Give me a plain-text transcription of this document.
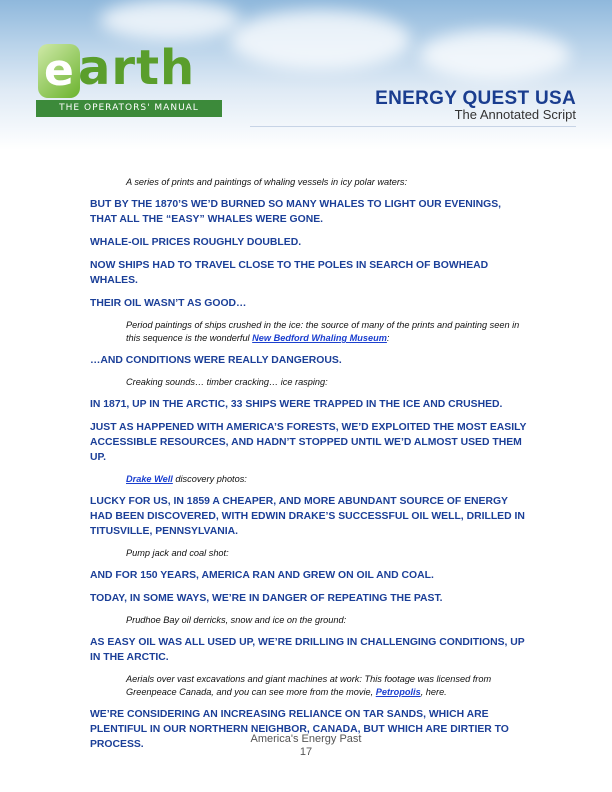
e arth
THE OPERATORS' MANUAL	ENERGY QUEST USA
The Annotated Script

A series of prints and paintings of whaling vessels in icy polar waters:

BUT BY THE 1870’S WE’D BURNED SO MANY WHALES TO LIGHT OUR EVENINGS, THAT ALL THE “EASY” WHALES WERE GONE.

WHALE-OIL PRICES ROUGHLY DOUBLED.

NOW SHIPS HAD TO TRAVEL CLOSE TO THE POLES IN SEARCH OF BOWHEAD WHALES.

THEIR OIL WASN’T AS GOOD…

Period paintings of ships crushed in the ice: the source of many of the prints and painting seen in this sequence is the wonderful New Bedford Whaling Museum:

…AND CONDITIONS WERE REALLY DANGEROUS.

Creaking sounds… timber cracking… ice rasping:

IN 1871, UP IN THE ARCTIC, 33 SHIPS WERE TRAPPED IN THE ICE AND CRUSHED.

JUST AS HAPPENED WITH AMERICA’S FORESTS, WE’D EXPLOITED THE MOST EASILY ACCESSIBLE RESOURCES, AND HADN’T STOPPED UNTIL WE’D ALMOST USED THEM UP.

Drake Well discovery photos:

LUCKY FOR US, IN 1859 A CHEAPER, AND MORE ABUNDANT SOURCE OF ENERGY HAD BEEN DISCOVERED, WITH EDWIN DRAKE’S SUCCESSFUL OIL WELL, DRILLED IN TITUSVILLE, PENNSYLVANIA.

Pump jack and coal shot:

AND FOR 150 YEARS, AMERICA RAN AND GREW ON OIL AND COAL.

TODAY, IN SOME WAYS, WE’RE IN DANGER OF REPEATING THE PAST.

Prudhoe Bay oil derricks, snow and ice on the ground:

AS EASY OIL WAS ALL USED UP, WE’RE DRILLING IN CHALLENGING CONDITIONS, UP IN THE ARCTIC.

Aerials over vast excavations and giant machines at work: This footage was licensed from Greenpeace Canada, and you can see more from the movie, Petropolis, here.

WE’RE CONSIDERING AN INCREASING RELIANCE ON TAR SANDS, WHICH ARE PLENTIFUL IN OUR NORTHERN NEIGHBOR, CANADA, BUT WHICH ARE DIRTIER TO PROCESS.	America's Energy Past
17
